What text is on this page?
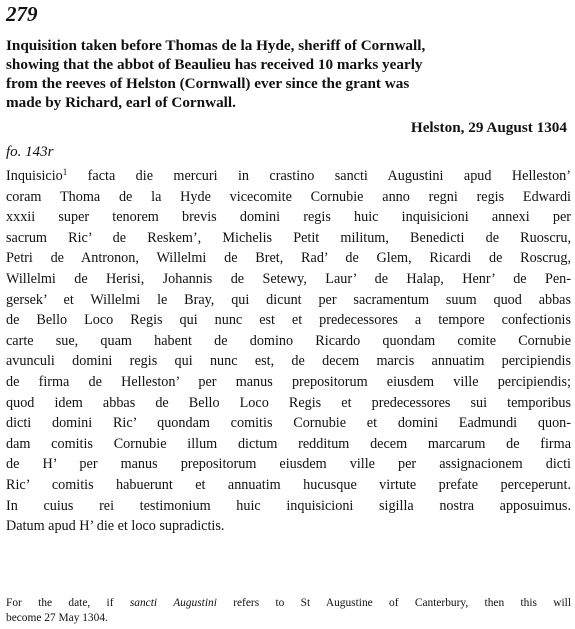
279
Inquisition taken before Thomas de la Hyde, sheriff of Cornwall,
showing that the abbot of Beaulieu has received 10 marks yearly
from the reeves of Helston (Cornwall) ever since the grant was
made by Richard, earl of Cornwall.
Helston, 29 August 1304
fo. 143r
Inquisicio$^1$ facta die mercuri in crastino sancti Augustini apud Helleston’
coram Thoma de la Hyde vicecomite Cornubie anno regni regis Edwardi
xxxii super tenorem brevis domini regis huic inquisicioni annexi per
sacrum Ric’ de Reskem’, Michelis Petit militum, Benedicti de Ruoscru,
Petri de Antronon, Willelmi de Bret, Rad’ de Glem, Ricardi de Roscrug,
Willelmi de Herisi, Johannis de Setewy, Laur’ de Halap, Henr’ de Pen-
gersek’ et Willelmi le Bray, qui dicunt per sacramentum suum quod abbas
de Bello Loco Regis qui nunc est et predecessores a tempore confectionis
carte sue, quam habent de domino Ricardo quondam comite Cornubie
avunculi domini regis qui nunc est, de decem marcis annuatim percipiendis
de firma de Helleston’ per manus prepositorum eiusdem ville percipiendis;
quod idem abbas de Bello Loco Regis et predecessores sui temporibus
dicti domini Ric’ quondam comitis Cornubie et domini Eadmundi quon-
dam comitis Cornubie illum dictum redditum decem marcarum de firma
de H’ per manus prepositorum eiusdem ville per assignacionem dicti
Ric’ comitis habuerunt et annuatim hucusque virtute prefate perceperunt.
In cuius rei testimonium huic inquisicioni sigilla nostra apposuimus.
Datum apud H’ die et loco supradictis.
For the date, if sancti Augustini refers to St Augustine of Canterbury, then this will
become 27 May 1304.
